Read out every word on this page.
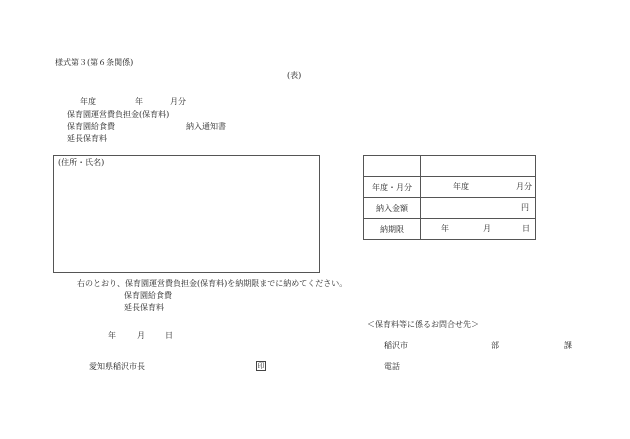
様式第３(第６条関係)
(表)
年度	年	月分
保育園運営費負担金(保育料)
保育園給食費	納入通知書
延長保育料
(住所・氏名)

年度・月分	年度 月分

納入金額	円

納期限	年 月 日
右のとおり、保育園運営費負担金(保育料)を納期限までに納めてください。
保育園給食費
延長保育料
＜保育料等に係るお問合せ先＞
年	月	日
稲沢市	部	課
愛知県稲沢市長	印	電話
